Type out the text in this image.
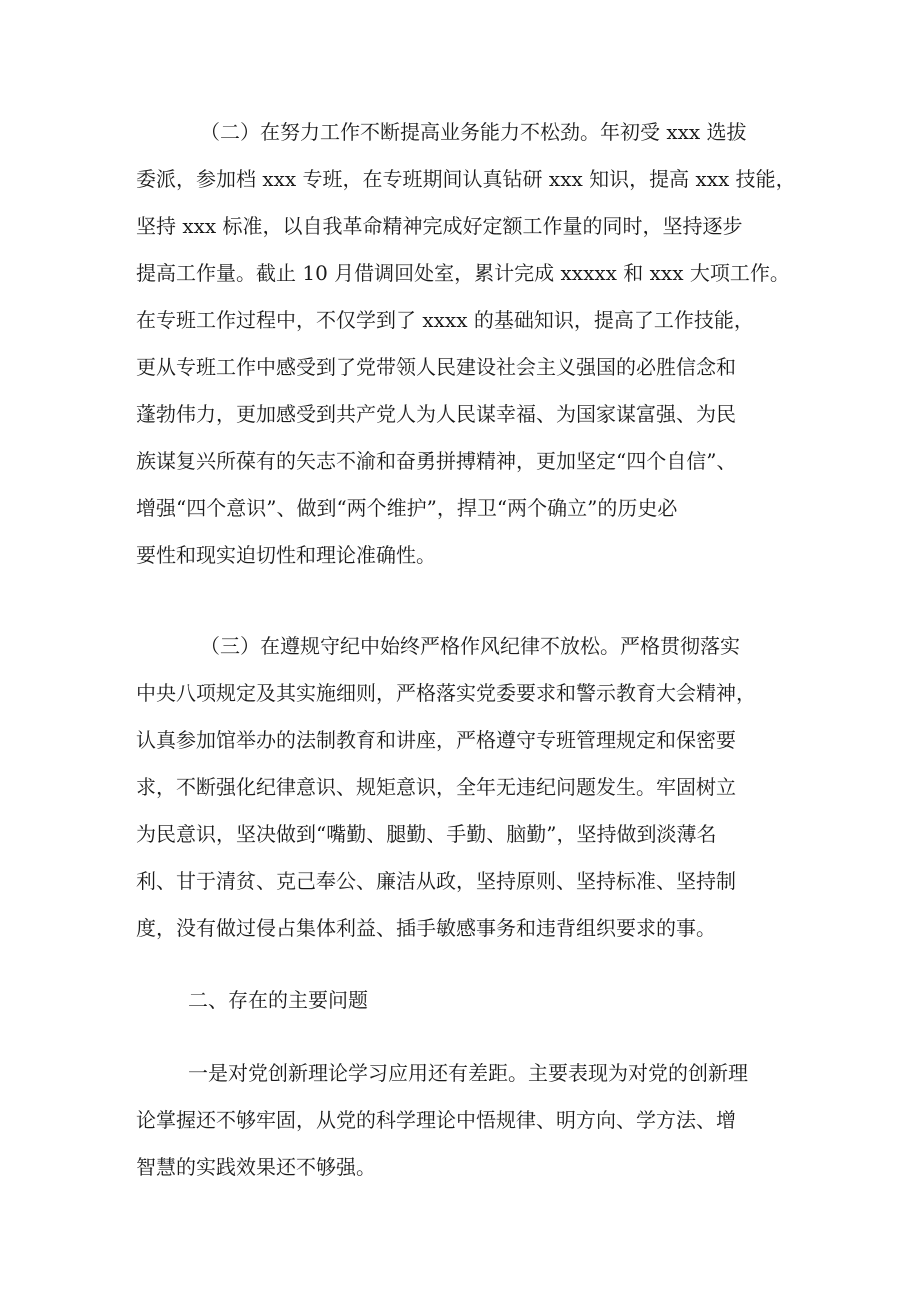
（二）在努力工作不断提高业务能力不松劲。年初受 xxx 选拔
委派，参加档 xxx 专班，在专班期间认真钻研 xxx 知识，提高 xxx 技能，
坚持 xxx 标准，以自我革命精神完成好定额工作量的同时，坚持逐步
提高工作量。截止 10 月借调回处室，累计完成 xxxxx 和 xxx 大项工作。
在专班工作过程中，不仅学到了 xxxx 的基础知识，提高了工作技能，
更从专班工作中感受到了党带领人民建设社会主义强国的必胜信念和
蓬勃伟力，更加感受到共产党人为人民谋幸福、为国家谋富强、为民
族谋复兴所葆有的矢志不渝和奋勇拼搏精神，更加坚定“四个自信”、
增强“四个意识”、做到“两个维护”，捍卫“两个确立”的历史必
要性和现实迫切性和理论准确性。
（三）在遵规守纪中始终严格作风纪律不放松。严格贯彻落实
中央八项规定及其实施细则，严格落实党委要求和警示教育大会精神，
认真参加馆举办的法制教育和讲座，严格遵守专班管理规定和保密要
求，不断强化纪律意识、规矩意识，全年无违纪问题发生。牢固树立
为民意识，坚决做到“嘴勤、腿勤、手勤、脑勤”，坚持做到淡薄名
利、甘于清贫、克己奉公、廉洁从政，坚持原则、坚持标准、坚持制
度，没有做过侵占集体利益、插手敏感事务和违背组织要求的事。
二、存在的主要问题
一是对党创新理论学习应用还有差距。主要表现为对党的创新理
论掌握还不够牢固，从党的科学理论中悟规律、明方向、学方法、增
智慧的实践效果还不够强。
